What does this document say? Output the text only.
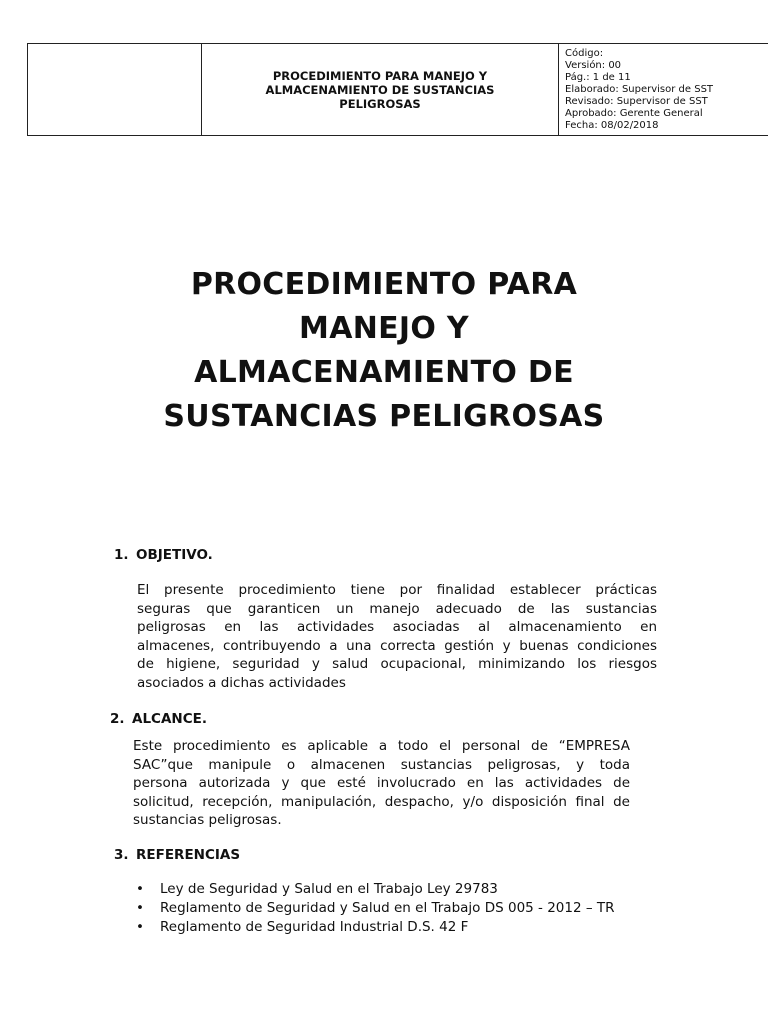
PROCEDIMIENTO PARA MANEJO Y
ALMACENAMIENTO DE SUSTANCIAS
PELIGROSAS

Código:
Versión: 00
Pág.: 1 de 11
Elaborado: Supervisor de SST
Revisado: Supervisor de SST
Aprobado: Gerente General
Fecha: 08/02/2018
PROCEDIMIENTO PARA
MANEJO Y
ALMACENAMIENTO DE
SUSTANCIAS PELIGROSAS
1. OBJETIVO.
El presente procedimiento tiene por finalidad establecer prácticas
seguras que garanticen un manejo adecuado de las sustancias
peligrosas en las actividades asociadas al almacenamiento en
almacenes, contribuyendo a una correcta gestión y buenas condiciones
de higiene, seguridad y salud ocupacional, minimizando los riesgos
asociados a dichas actividades
2. ALCANCE.
Este procedimiento es aplicable a todo el personal de “EMPRESA
SAC”que manipule o almacenen sustancias peligrosas, y toda
persona autorizada y que esté involucrado en las actividades de
solicitud, recepción, manipulación, despacho, y/o disposición final de
sustancias peligrosas.
3. REFERENCIAS
•	Ley de Seguridad y Salud en el Trabajo Ley 29783
•	Reglamento de Seguridad y Salud en el Trabajo DS 005 - 2012 – TR
•	Reglamento de Seguridad Industrial D.S. 42 F
